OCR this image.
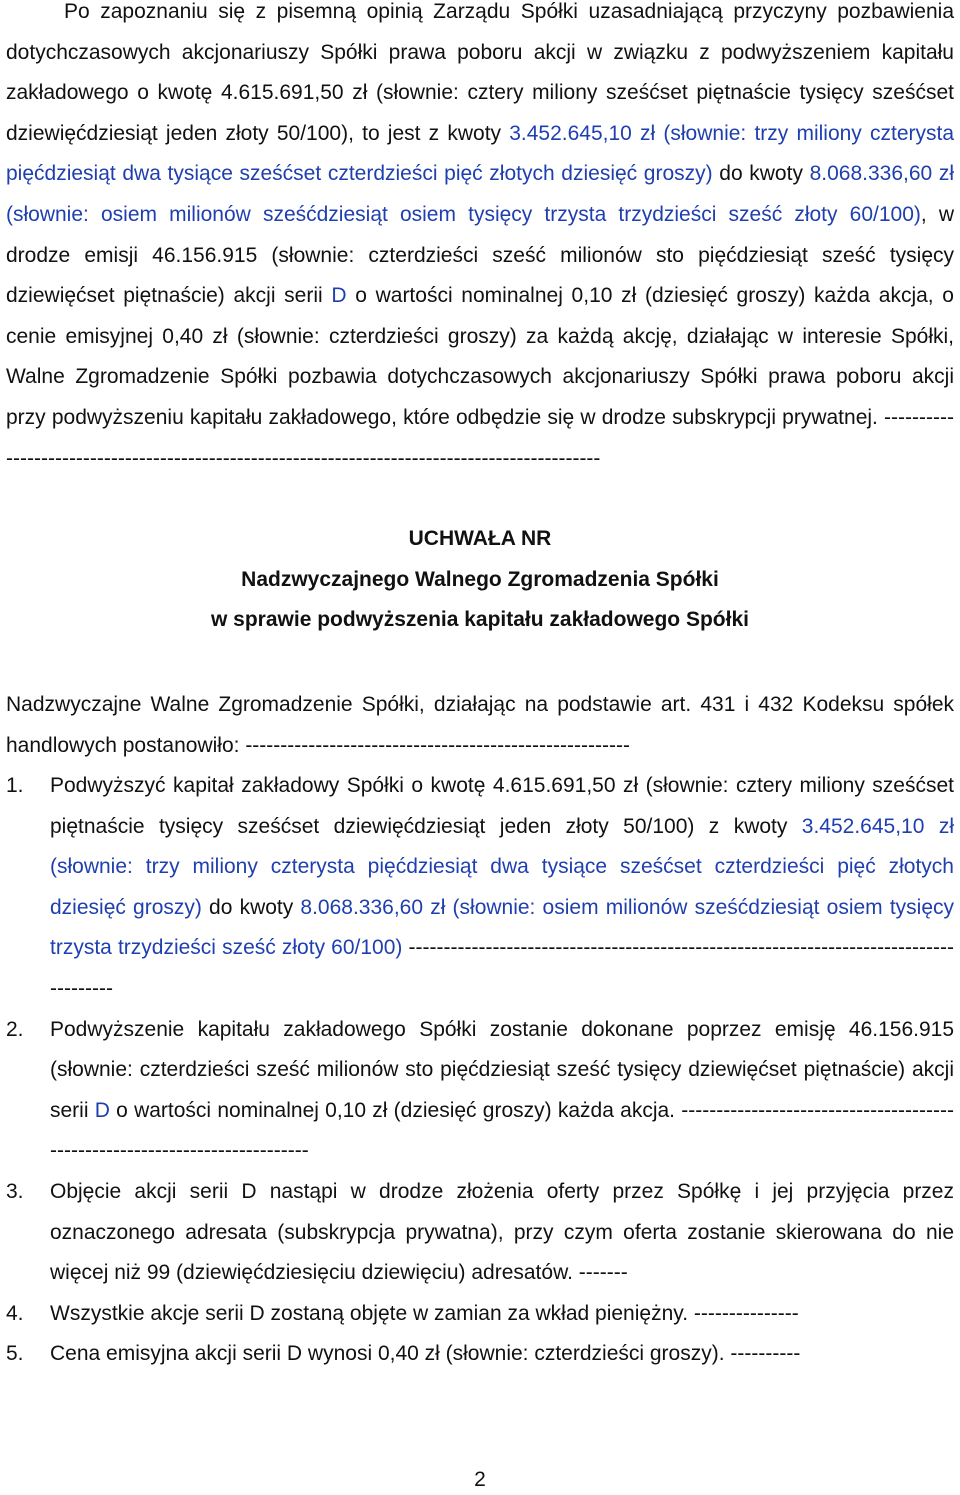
Po zapoznaniu się z pisemną opinią Zarządu Spółki uzasadniającą przyczyny pozbawienia dotychczasowych akcjonariuszy Spółki prawa poboru akcji w związku z podwyższeniem kapitału zakładowego o kwotę 4.615.691,50 zł (słownie: cztery miliony sześćset piętnaście tysięcy sześćset dziewięćdziesiąt jeden złoty 50/100), to jest z kwoty 3.452.645,10 zł (słownie: trzy miliony czterysta pięćdziesiąt dwa tysiące sześćset czterdzieści pięć złotych dziesięć groszy) do kwoty 8.068.336,60 zł (słownie: osiem milionów sześćdziesiąt osiem tysięcy trzysta trzydzieści sześć złoty 60/100), w drodze emisji 46.156.915 (słownie: czterdzieści sześć milionów sto pięćdziesiąt sześć tysięcy dziewięćset piętnaście) akcji serii D o wartości nominalnej 0,10 zł (dziesięć groszy) każda akcja, o cenie emisyjnej 0,40 zł (słownie: czterdzieści groszy) za każdą akcję, działając w interesie Spółki, Walne Zgromadzenie Spółki pozbawia dotychczasowych akcjonariuszy Spółki prawa poboru akcji przy podwyższeniu kapitału zakładowego, które odbędzie się w drodze subskrypcji prywatnej. -----------------------------------------------------------------------------------------------

UCHWAŁA NR
Nadzwyczajnego Walnego Zgromadzenia Spółki
w sprawie podwyższenia kapitału zakładowego Spółki

Nadzwyczajne Walne Zgromadzenie Spółki, działając na podstawie art. 431 i 432 Kodeksu spółek handlowych postanowiło: -------------------------------------------------------

1. Podwyższyć kapitał zakładowy Spółki o kwotę 4.615.691,50 zł (słownie: cztery miliony sześćset piętnaście tysięcy sześćset dziewięćdziesiąt jeden złoty 50/100) z kwoty 3.452.645,10 zł (słownie: trzy miliony czterysta pięćdziesiąt dwa tysiące sześćset czterdzieści pięć złotych dziesięć groszy) do kwoty 8.068.336,60 zł (słownie: osiem milionów sześćdziesiąt osiem tysięcy trzysta trzydzieści sześć złoty 60/100) ---------------------------------------------------------------------------------------
2. Podwyższenie kapitału zakładowego Spółki zostanie dokonane poprzez emisję 46.156.915 (słownie: czterdzieści sześć milionów sto pięćdziesiąt sześć tysięcy dziewięćset piętnaście) akcji serii D o wartości nominalnej 0,10 zł (dziesięć groszy) każda akcja. ----------------------------------------------------------------------------
3. Objęcie akcji serii D nastąpi w drodze złożenia oferty przez Spółkę i jej przyjęcia przez oznaczonego adresata (subskrypcja prywatna), przy czym oferta zostanie skierowana do nie więcej niż 99 (dziewięćdziesięciu dziewięciu) adresatów. -------
4. Wszystkie akcje serii D zostaną objęte w zamian za wkład pieniężny. ---------------
5. Cena emisyjna akcji serii D wynosi 0,40 zł (słownie: czterdzieści groszy). ----------
2
